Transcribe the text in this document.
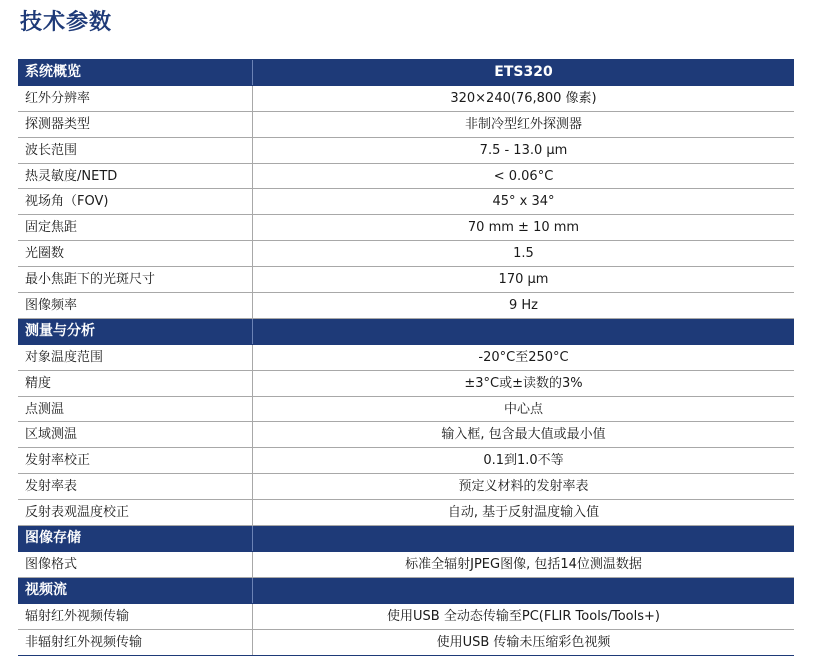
技术参数
系统概览	ETS320
红外分辨率	320×240(76,800 像素)
探测器类型	非制冷型红外探测器
波长范围	7.5 - 13.0 µm
热灵敏度/NETD	< 0.06°C
视场角（FOV)	45° x 34°
固定焦距	70 mm ± 10 mm
光圈数	1.5
最小焦距下的光斑尺寸	170 µm
图像频率	9 Hz
测量与分析
对象温度范围	-20°C至250°C
精度	±3°C或±读数的3%
点测温	中心点
区域测温	输入框, 包含最大值或最小值
发射率校正	0.1到1.0不等
发射率表	预定义材料的发射率表
反射表观温度校正	自动, 基于反射温度输入值
图像存储
图像格式	标准全辐射JPEG图像, 包括14位测温数据
视频流
辐射红外视频传输	使用USB 全动态传输至PC(FLIR Tools/Tools+)
非辐射红外视频传输	使用USB 传输未压缩彩色视频
